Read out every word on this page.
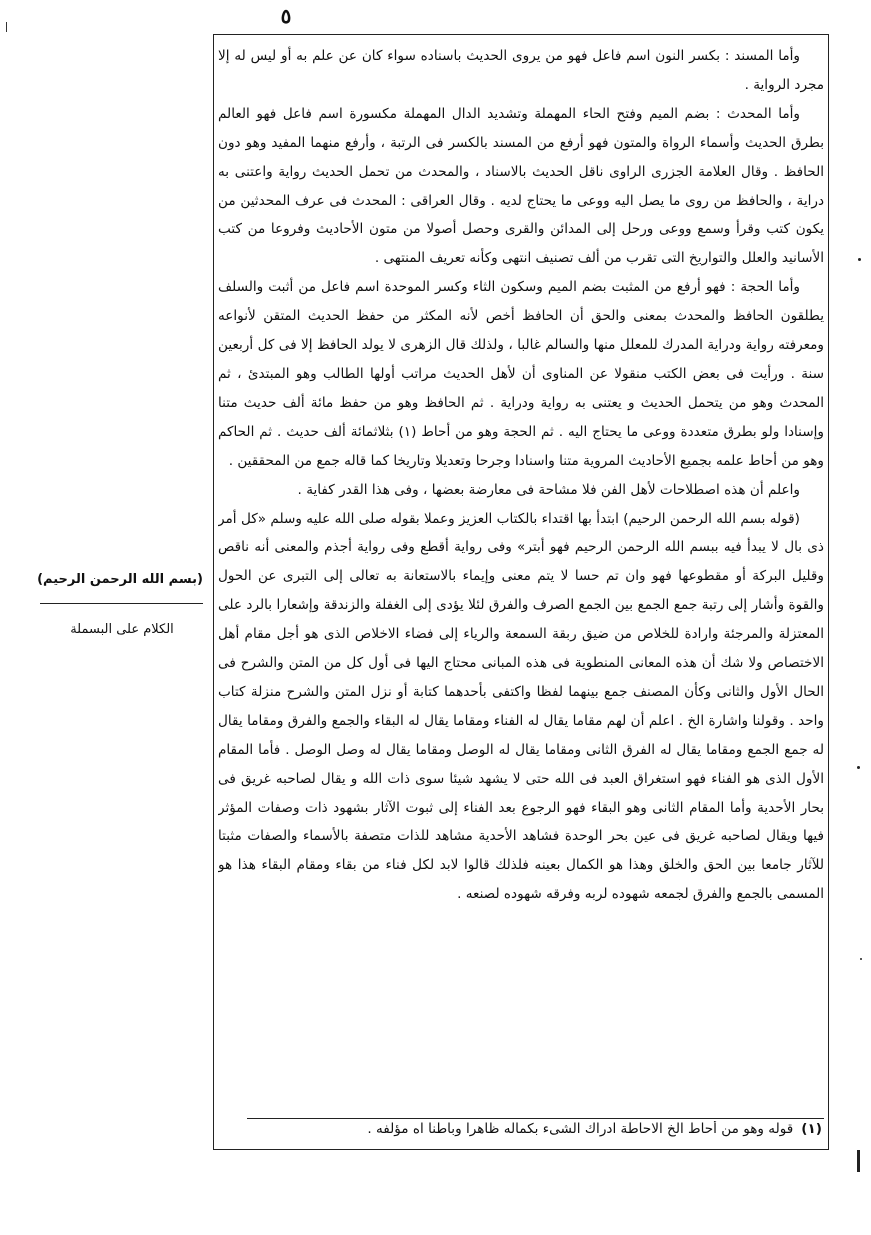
٥

وأما المسند : بكسر النون اسم فاعل فهو من يروى الحديث باسناده سواء كان عن علم به أو ليس له إلا مجرد الرواية .

وأما المحدث : بضم الميم وفتح الحاء المهملة وتشديد الدال المهملة مكسورة اسم فاعل فهو العالم بطرق الحديث وأسماء الرواة والمتون فهو أرفع من المسند بالكسر فى الرتبة ، وأرفع منهما المفيد وهو دون الحافظ . وقال العلامة الجزرى الراوى ناقل الحديث بالاسناد ، والمحدث من تحمل الحديث رواية واعتنى به دراية ، والحافظ من روى ما يصل اليه ووعى ما يحتاج لديه . وقال العراقى : المحدث فى عرف المحدثين من يكون كتب وقرأ وسمع ووعى ورحل إلى المدائن والقرى وحصل أصولا من متون الأحاديث وفروعا من كتب الأسانيد والعلل والتواريخ التى تقرب من ألف تصنيف انتهى وكأنه تعريف المنتهى .

وأما الحجة : فهو أرفع من المثبت بضم الميم وسكون الثاء وكسر الموحدة اسم فاعل من أثبت والسلف يطلقون الحافظ والمحدث بمعنى والحق أن الحافظ أخص لأنه المكثر من حفظ الحديث المتقن لأنواعه ومعرفته رواية ودراية المدرك للمعلل منها والسالم غالبا ، ولذلك قال الزهرى لا يولد الحافظ إلا فى كل أربعين سنة . ورأيت فى بعض الكتب منقولا عن المناوى أن لأهل الحديث مراتب أولها الطالب وهو المبتدئ ، ثم المحدث وهو من يتحمل الحديث و يعتنى به رواية ودراية . ثم الحافظ وهو من حفظ مائة ألف حديث متنا وإسنادا ولو بطرق متعددة ووعى ما يحتاج اليه . ثم الحجة وهو من أحاط (١) بثلاثمائة ألف حديث . ثم الحاكم وهو من أحاط علمه بجميع الأحاديث المروية متنا واسنادا وجرحا وتعديلا وتاريخا كما قاله جمع من المحققين .

واعلم أن هذه اصطلاحات لأهل الفن فلا مشاحة فى معارضة بعضها ، وفى هذا القدر كفاية .

(قوله بسم الله الرحمن الرحيم) ابتدأ بها اقتداء بالكتاب العزيز وعملا بقوله صلى الله عليه وسلم «كل أمر ذى بال لا يبدأ فيه ببسم الله الرحمن الرحيم فهو أبتر» وفى رواية أقطع وفى رواية أجذم والمعنى أنه ناقص وقليل البركة أو مقطوعها فهو وان تم حسا لا يتم معنى وإيماء بالاستعانة به تعالى إلى التبرى عن الحول والقوة وأشار إلى رتبة جمع الجمع بين الجمع الصرف والفرق لئلا يؤدى إلى الغفلة والزندقة وإشعارا بالرد على المعتزلة والمرجئة وارادة للخلاص من ضيق ربقة السمعة والرياء إلى فضاء الاخلاص الذى هو أجل مقام أهل الاختصاص ولا شك أن هذه المعانى المنطوية فى هذه المبانى محتاج اليها فى أول كل من المتن والشرح فى الحال الأول والثانى وكأن المصنف جمع بينهما لفظا واكتفى بأحدهما كتابة أو نزل المتن والشرح منزلة كتاب واحد . وقولنا واشارة الخ . اعلم أن لهم مقاما يقال له الفناء ومقاما يقال له البقاء والجمع والفرق ومقاما يقال له جمع الجمع ومقاما يقال له الفرق الثانى ومقاما يقال له الوصل ومقاما يقال له وصل الوصل . فأما المقام الأول الذى هو الفناء فهو استغراق العبد فى الله حتى لا يشهد شيئا سوى ذات الله و يقال لصاحبه غريق فى بحار الأحدية وأما المقام الثانى وهو البقاء فهو الرجوع بعد الفناء إلى ثبوت الآثار بشهود ذات وصفات المؤثر فيها ويقال لصاحبه غريق فى عين بحر الوحدة فشاهد الأحدية مشاهد للذات متصفة بالأسماء والصفات مثبتا للآثار جامعا بين الحق والخلق وهذا هو الكمال بعينه فلذلك قالوا لابد لكل فناء من بقاء ومقام البقاء هذا هو المسمى بالجمع والفرق لجمعه شهوده لربه وفرقه شهوده لصنعه .

(١)قوله وهو من أحاط الخ الاحاطة ادراك الشىء بكماله ظاهرا وباطنا اه مؤلفه .
(بسم الله الرحمن الرحيم)
الكلام على البسملة
